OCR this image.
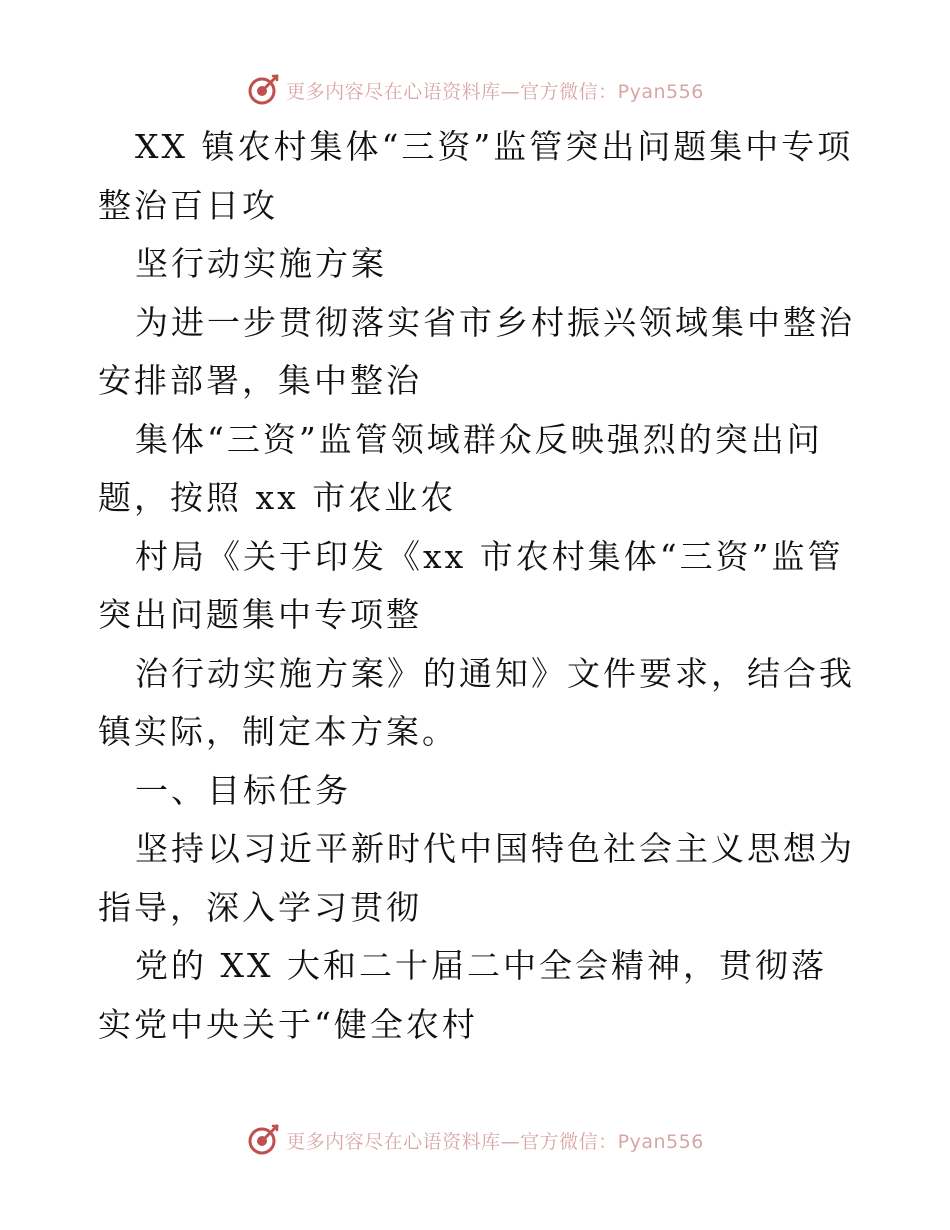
更多内容尽在心语资料库—官方微信：Pyan556

XX 镇农村集体“三资”监管突出问题集中专项整治百日攻

坚行动实施方案

为进一步贯彻落实省市乡村振兴领域集中整治安排部署，集中整治

集体“三资”监管领域群众反映强烈的突出问题，按照 xx 市农业农

村局《关于印发《xx 市农村集体“三资”监管突出问题集中专项整

治行动实施方案》的通知》文件要求，结合我镇实际，制定本方案。

一、目标任务

坚持以习近平新时代中国特色社会主义思想为指导，深入学习贯彻

党的 XX 大和二十届二中全会精神，贯彻落实党中央关于“健全农村

更多内容尽在心语资料库—官方微信：Pyan556
